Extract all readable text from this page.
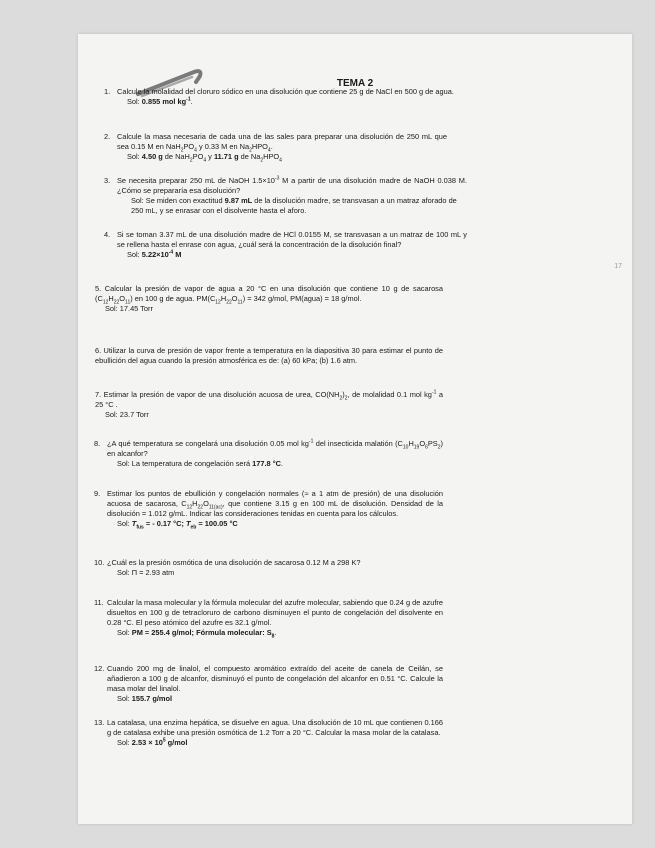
TEMA 2
17
1. Calcule la molalidad del cloruro sódico en una disolución que contiene 25 g de NaCl en 500 g de agua.
Sol: 0.855 mol $kg^{-1}$.
2. Calcule la masa necesaria de cada una de las sales para preparar una disolución de 250 mL que sea 0.15 M en $NaH_2PO_4$ y 0.33 M en $Na_2HPO_4$.
Sol: 4.50 g de $NaH_2PO_4$ y 11.71 g de $Na_2HPO_4$
3. Se necesita preparar 250 mL de NaOH $1.5\times 10^{-3}$ M a partir de una disolución madre de NaOH 0.038 M. ¿Cómo se prepararía esa disolución?
Sol: Se miden con exactitud 9.87 mL de la disolución madre, se transvasan a un matraz aforado de 250 mL, y se enrasar con el disolvente hasta el aforo.
4. Si se toman 3.37 mL de una disolución madre de HCl 0.0155 M, se transvasan a un matraz de 100 mL y se rellena hasta el enrase con agua, ¿cuál será la concentración de la disolución final?
Sol: $5.22\times 10^{-4}$ M
5. Calcular la presión de vapor de agua a 20 °C en una disolución que contiene 10 g de sacarosa $(C_{12}H_{22}O_{11})$ en 100 g de agua. $PM(C_{12}H_{22}O_{11}) = 342$ g/mol, PM(agua) = 18 g/mol.
Sol: 17.45 Torr
6. Utilizar la curva de presión de vapor frente a temperatura en la diapositiva 30 para estimar el punto de ebullición del agua cuando la presión atmosférica es de: (a) 60 kPa; (b) 1.6 atm.
7. Estimar la presión de vapor de una disolución acuosa de urea, $CO(NH_2)_2$, de molalidad 0.1 mol $kg^{-1}$ a 25 °C .
Sol: 23.7 Torr
8. ¿A qué temperatura se congelará una disolución 0.05 mol $kg^{-1}$ del insecticida malatión $(C_{10}H_{19}O_6PS_2)$ en alcanfor?
Sol: La temperatura de congelación será 177.8 °C.
9. Estimar los puntos de ebullición y congelación normales (≈ a 1 atm de presión) de una disolución acuosa de sacarosa, $C_{12}H_{22}O_{11(ac)}$, que contiene 3.15 g en 100 mL de disolución. Densidad de la disolución = 1.012 g/mL. Indicar las consideraciones tenidas en cuenta para los cálculos.
Sol: $T_{fus}$ = - 0.17 °C; $T_{eb} = 100.05$ °C
10. ¿Cuál es la presión osmótica de una disolución de sacarosa 0.12 M a 298 K?
Sol: Π = 2.93 atm
11. Calcular la masa molecular y la fórmula molecular del azufre molecular, sabiendo que 0.24 g de azufre disueltos en 100 g de tetracloruro de carbono disminuyen el punto de congelación del disolvente en 0.28 °C. El peso atómico del azufre es 32.1 g/mol.
Sol: PM = 255.4 g/mol; Fórmula molecular: $S_8$.
12. Cuando 200 mg de linalol, el compuesto aromático extraído del aceite de canela de Ceilán, se añadieron a 100 g de alcanfor, disminuyó el punto de congelación del alcanfor en 0.51 °C. Calcule la masa molar del linalol.
Sol: 155.7 g/mol
13. La catalasa, una enzima hepática, se disuelve en agua. Una disolución de 10 mL que contienen 0.166 g de catalasa exhibe una presión osmótica de 1.2 Torr a 20 °C. Calcular la masa molar de la catalasa.
Sol: $2.53 \times 10^5$ g/mol
